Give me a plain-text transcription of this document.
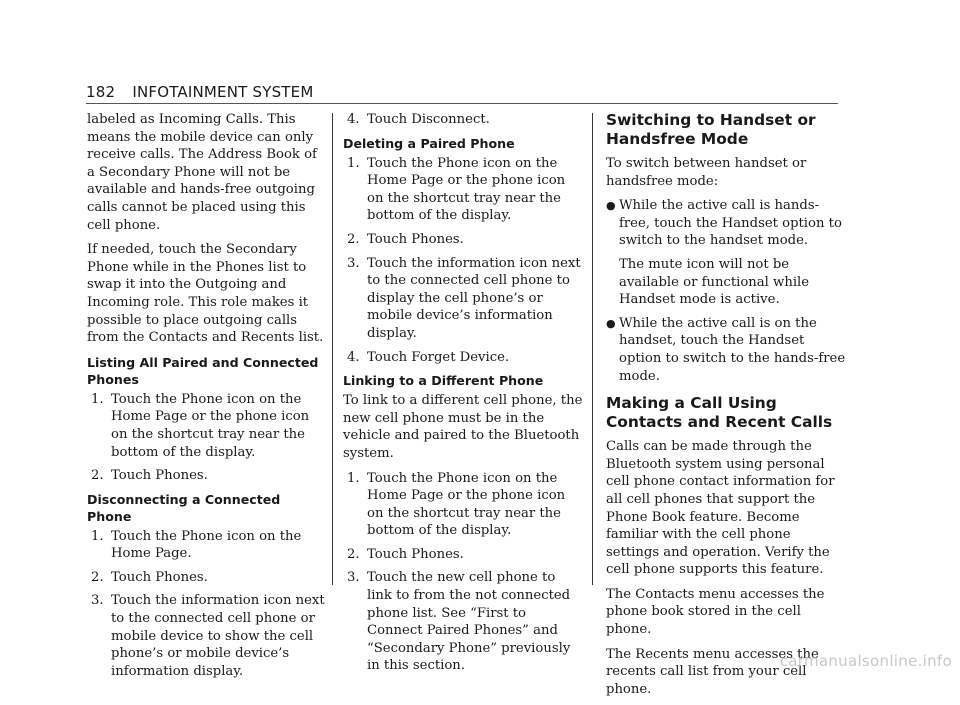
182 INFOTAINMENT SYSTEM

labeled as Incoming Calls. This means the mobile device can only receive calls. The Address Book of a Secondary Phone will not be available and hands-free outgoing calls cannot be placed using this cell phone.

If needed, touch the Secondary Phone while in the Phones list to swap it into the Outgoing and Incoming role. This role makes it possible to place outgoing calls from the Contacts and Recents list.

Listing All Paired and Connected Phones
1. Touch the Phone icon on the Home Page or the phone icon on the shortcut tray near the bottom of the display.
2. Touch Phones.
Disconnecting a Connected Phone
1. Touch the Phone icon on the Home Page.
2. Touch Phones.
3. Touch the information icon next to the connected cell phone or mobile device to show the cell phone’s or mobile device’s information display.
4. Touch Disconnect.
Deleting a Paired Phone
1. Touch the Phone icon on the Home Page or the phone icon on the shortcut tray near the bottom of the display.
2. Touch Phones.
3. Touch the information icon next to the connected cell phone to display the cell phone’s or mobile device’s information display.
4. Touch Forget Device.
Linking to a Different Phone

To link to a different cell phone, the new cell phone must be in the vehicle and paired to the Bluetooth system.

1. Touch the Phone icon on the Home Page or the phone icon on the shortcut tray near the bottom of the display.
2. Touch Phones.
3. Touch the new cell phone to link to from the not connected phone list. See “First to Connect Paired Phones” and “Secondary Phone” previously in this section.
Switching to Handset or Handsfree Mode

To switch between handset or handsfree mode:

● While the active call is hands-free, touch the Handset option to switch to the handset mode.

The mute icon will not be available or functional while Handset mode is active.

● While the active call is on the handset, touch the Handset option to switch to the hands-free mode.
Making a Call Using Contacts and Recent Calls

Calls can be made through the Bluetooth system using personal cell phone contact information for all cell phones that support the Phone Book feature. Become familiar with the cell phone settings and operation. Verify the cell phone supports this feature.

The Contacts menu accesses the phone book stored in the cell phone.

The Recents menu accesses the recents call list from your cell phone.

carmanualsonline.info
